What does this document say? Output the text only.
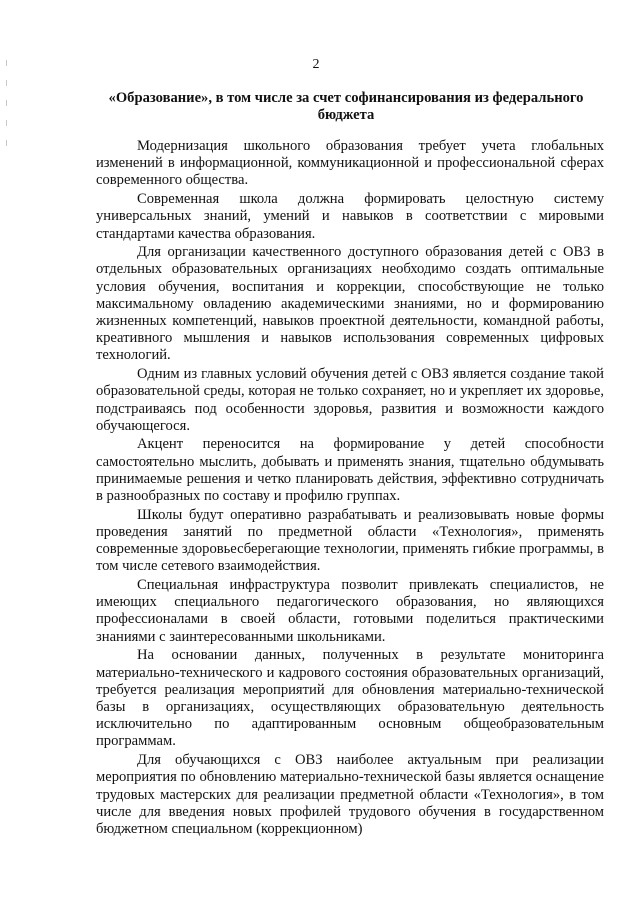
2
«Образование», в том числе за счет софинансирования из федерального бюджета

Модернизация школьного образования требует учета глобальных изменений в информационной, коммуникационной и профессиональной сферах современного общества.

Современная школа должна формировать целостную систему универсальных знаний, умений и навыков в соответствии с мировыми стандартами качества образования.

Для организации качественного доступного образования детей с ОВЗ в отдельных образовательных организациях необходимо создать оптимальные условия обучения, воспитания и коррекции, способствующие не только максимальному овладению академическими знаниями, но и формированию жизненных компетенций, навыков проектной деятельности, командной работы, креативного мышления и навыков использования современных цифровых технологий.

Одним из главных условий обучения детей с ОВЗ является создание такой образовательной среды, которая не только сохраняет, но и укрепляет их здоровье, подстраиваясь под особенности здоровья, развития и возможности каждого обучающегося.

Акцент переносится на формирование у детей способности самостоятельно мыслить, добывать и применять знания, тщательно обдумывать принимаемые решения и четко планировать действия, эффективно сотрудничать в разнообразных по составу и профилю группах.

Школы будут оперативно разрабатывать и реализовывать новые формы проведения занятий по предметной области «Технология», применять современные здоровьесберегающие технологии, применять гибкие программы, в том числе сетевого взаимодействия.

Специальная инфраструктура позволит привлекать специалистов, не имеющих специального педагогического образования, но являющихся профессионалами в своей области, готовыми поделиться практическими знаниями с заинтересованными школьниками.

На основании данных, полученных в результате мониторинга материально-технического и кадрового состояния образовательных организаций, требуется реализация мероприятий для обновления материально-технической базы в организациях, осуществляющих образовательную деятельность исключительно по адаптированным основным общеобразовательным программам.

Для обучающихся с ОВЗ наиболее актуальным при реализации мероприятия по обновлению материально-технической базы является оснащение трудовых мастерских для реализации предметной области «Технология», в том числе для введения новых профилей трудового обучения в государственном бюджетном специальном (коррекционном)
